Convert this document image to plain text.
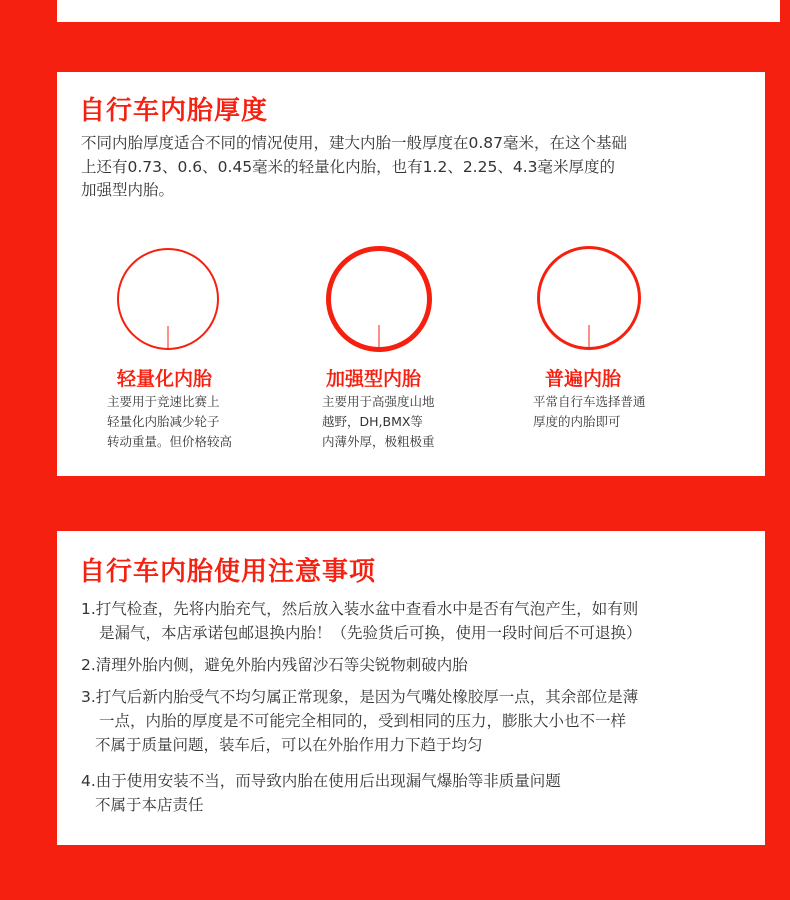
自行车内胎厚度
不同内胎厚度适合不同的情况使用，建大内胎一般厚度在0.87毫米，在这个基础
上还有0.73、0.6、0.45毫米的轻量化内胎，也有1.2、2.25、4.3毫米厚度的
加强型内胎。
轻量化内胎
主要用于竞速比赛上
轻量化内胎减少轮子
转动重量。但价格较高
加强型内胎
主要用于高强度山地
越野，DH,BMX等
内薄外厚，极粗极重
普遍内胎
平常自行车选择普通
厚度的内胎即可
自行车内胎使用注意事项
1.打气检查，先将内胎充气，然后放入装水盆中查看水中是否有气泡产生，如有则
是漏气，本店承诺包邮退换内胎！（先验货后可换，使用一段时间后不可退换）
2.清理外胎内侧，避免外胎内残留沙石等尖锐物刺破内胎
3.打气后新内胎受气不均匀属正常现象，是因为气嘴处橡胶厚一点，其余部位是薄
一点，内胎的厚度是不可能完全相同的，受到相同的压力，膨胀大小也不一样
不属于质量问题，装车后，可以在外胎作用力下趋于均匀
4.由于使用安装不当，而导致内胎在使用后出现漏气爆胎等非质量问题
不属于本店责任
